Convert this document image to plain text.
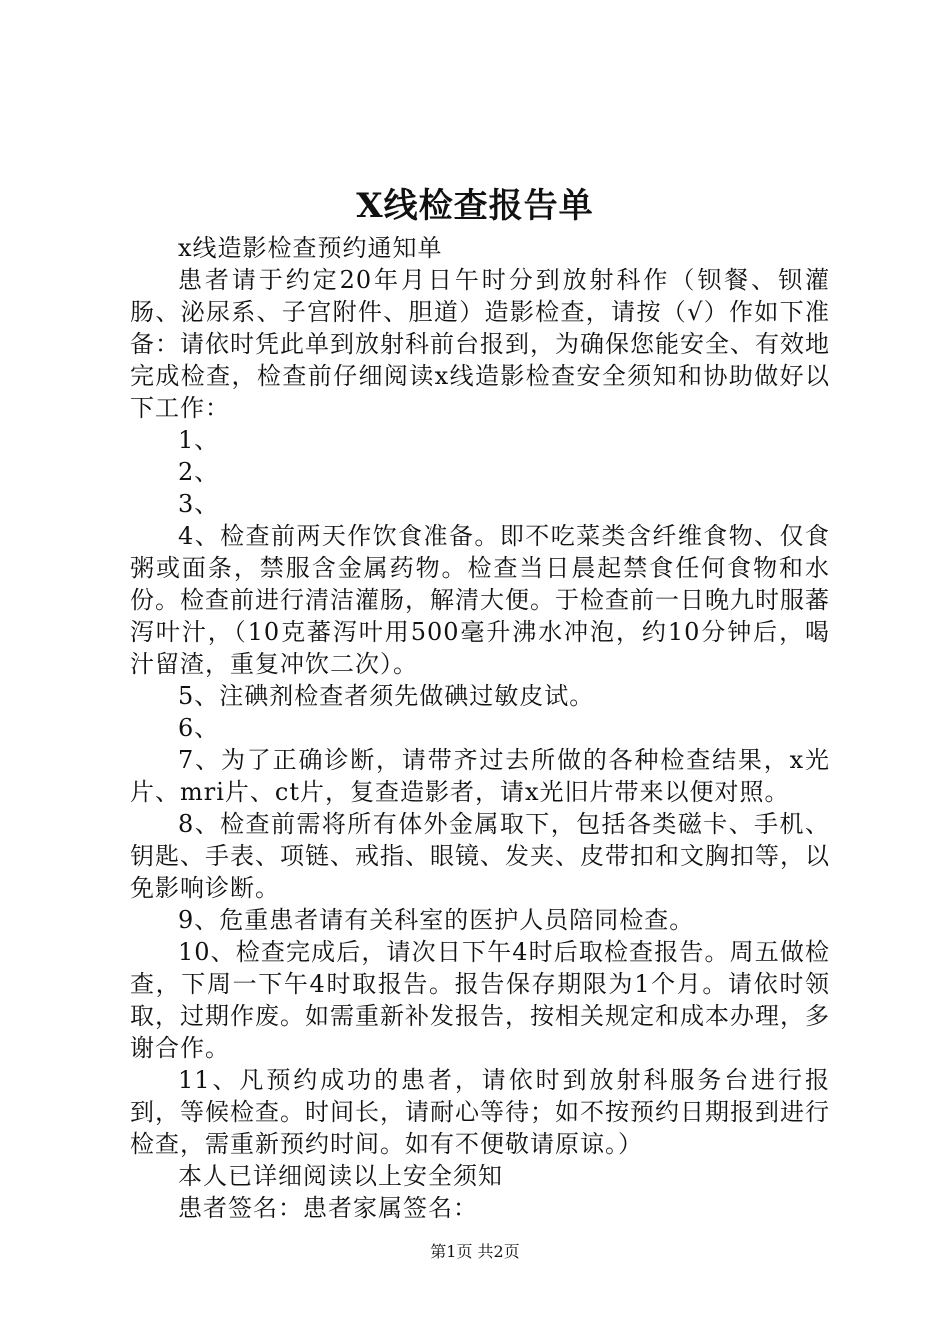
X线检查报告单

x线造影检查预约通知单

患者请于约定20年月日午时分到放射科作（钡餐、钡灌肠、泌尿系、子宫附件、胆道）造影检查，请按（√）作如下准备：请依时凭此单到放射科前台报到，为确保您能安全、有效地完成检查，检查前仔细阅读x线造影检查安全须知和协助做好以下工作：

1、

2、

3、

4、检查前两天作饮食准备。即不吃菜类含纤维食物、仅食粥或面条，禁服含金属药物。检查当日晨起禁食任何食物和水份。检查前进行清洁灌肠，解清大便。于检查前一日晚九时服蕃泻叶汁，（10克蕃泻叶用500毫升沸水冲泡，约10分钟后，喝汁留渣，重复冲饮二次）。

5、注碘剂检查者须先做碘过敏皮试。

6、

7、为了正确诊断，请带齐过去所做的各种检查结果，x光片、mri片、ct片，复查造影者，请x光旧片带来以便对照。

8、检查前需将所有体外金属取下，包括各类磁卡、手机、钥匙、手表、项链、戒指、眼镜、发夹、皮带扣和文胸扣等，以免影响诊断。

9、危重患者请有关科室的医护人员陪同检查。

10、检查完成后，请次日下午4时后取检查报告。周五做检查，下周一下午4时取报告。报告保存期限为1个月。请依时领取，过期作废。如需重新补发报告，按相关规定和成本办理，多谢合作。

11、凡预约成功的患者，请依时到放射科服务台进行报到，等候检查。时间长，请耐心等待；如不按预约日期报到进行检查，需重新预约时间。如有不便敬请原谅。）

本人已详细阅读以上安全须知

患者签名：患者家属签名：

第1页 共2页
